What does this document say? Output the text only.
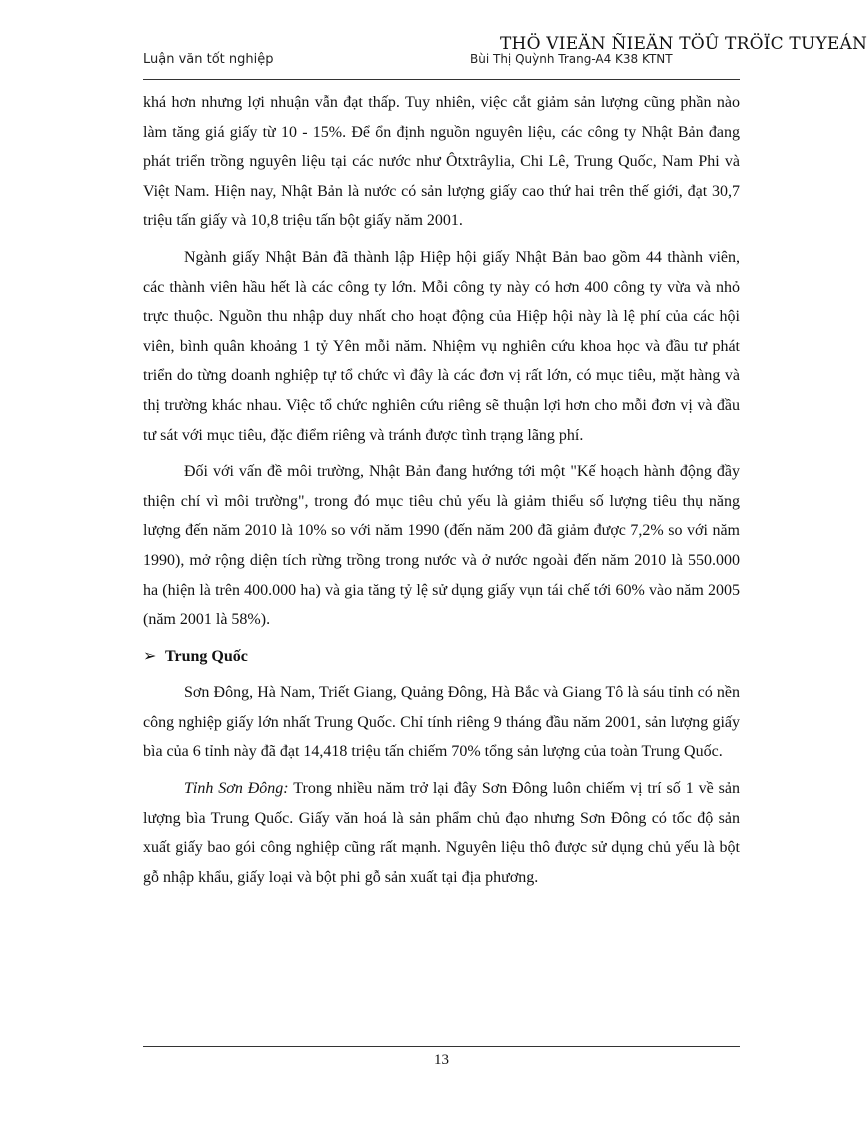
THÖ VIEÄN ÑIEÄN TÖÛ TRÖÏC TUYEÁN
Luận văn tốt nghiệp	Bùi Thị Quỳnh Trang-A4 K38 KTNT

khá hơn nhưng lợi nhuận vẫn đạt thấp. Tuy nhiên, việc cắt giảm sản lượng cũng phần nào làm tăng giá giấy từ 10 - 15%. Để ổn định nguồn nguyên liệu, các công ty Nhật Bản đang phát triển trồng nguyên liệu tại các nước như Ôtxtrâylia, Chi Lê, Trung Quốc, Nam Phi và Việt Nam. Hiện nay, Nhật Bản là nước có sản lượng giấy cao thứ hai trên thế giới, đạt 30,7 triệu tấn giấy và 10,8 triệu tấn bột giấy năm 2001.

Ngành giấy Nhật Bản đã thành lập Hiệp hội giấy Nhật Bản bao gồm 44 thành viên, các thành viên hầu hết là các công ty lớn. Mỗi công ty này có hơn 400 công ty vừa và nhỏ trực thuộc. Nguồn thu nhập duy nhất cho hoạt động của Hiệp hội này là lệ phí của các hội viên, bình quân khoảng 1 tỷ Yên mỗi năm. Nhiệm vụ nghiên cứu khoa học và đầu tư phát triển do từng doanh nghiệp tự tổ chức vì đây là các đơn vị rất lớn, có mục tiêu, mặt hàng và thị trường khác nhau. Việc tổ chức nghiên cứu riêng sẽ thuận lợi hơn cho mỗi đơn vị và đầu tư sát với mục tiêu, đặc điểm riêng và tránh được tình trạng lãng phí.

Đối với vấn đề môi trường, Nhật Bản đang hướng tới một "Kế hoạch hành động đầy thiện chí vì môi trường", trong đó mục tiêu chủ yếu là giảm thiểu số lượng tiêu thụ năng lượng đến năm 2010 là 10% so với năm 1990 (đến năm 200 đã giảm được 7,2% so với năm 1990), mở rộng diện tích rừng trồng trong nước và ở nước ngoài đến năm 2010 là 550.000 ha (hiện là trên 400.000 ha) và gia tăng tỷ lệ sử dụng giấy vụn tái chế tới 60% vào năm 2005 (năm 2001 là 58%).

➢ Trung Quốc

Sơn Đông, Hà Nam, Triết Giang, Quảng Đông, Hà Bắc và Giang Tô là sáu tỉnh có nền công nghiệp giấy lớn nhất Trung Quốc. Chỉ tính riêng 9 tháng đầu năm 2001, sản lượng giấy bìa của 6 tỉnh này đã đạt 14,418 triệu tấn chiếm 70% tổng sản lượng của toàn Trung Quốc.

Tỉnh Sơn Đông: Trong nhiều năm trở lại đây Sơn Đông luôn chiếm vị trí số 1 về sản lượng bìa Trung Quốc. Giấy văn hoá là sản phẩm chủ đạo nhưng Sơn Đông có tốc độ sản xuất giấy bao gói công nghiệp cũng rất mạnh. Nguyên liệu thô được sử dụng chủ yếu là bột gỗ nhập khẩu, giấy loại và bột phi gỗ sản xuất tại địa phương.

13
